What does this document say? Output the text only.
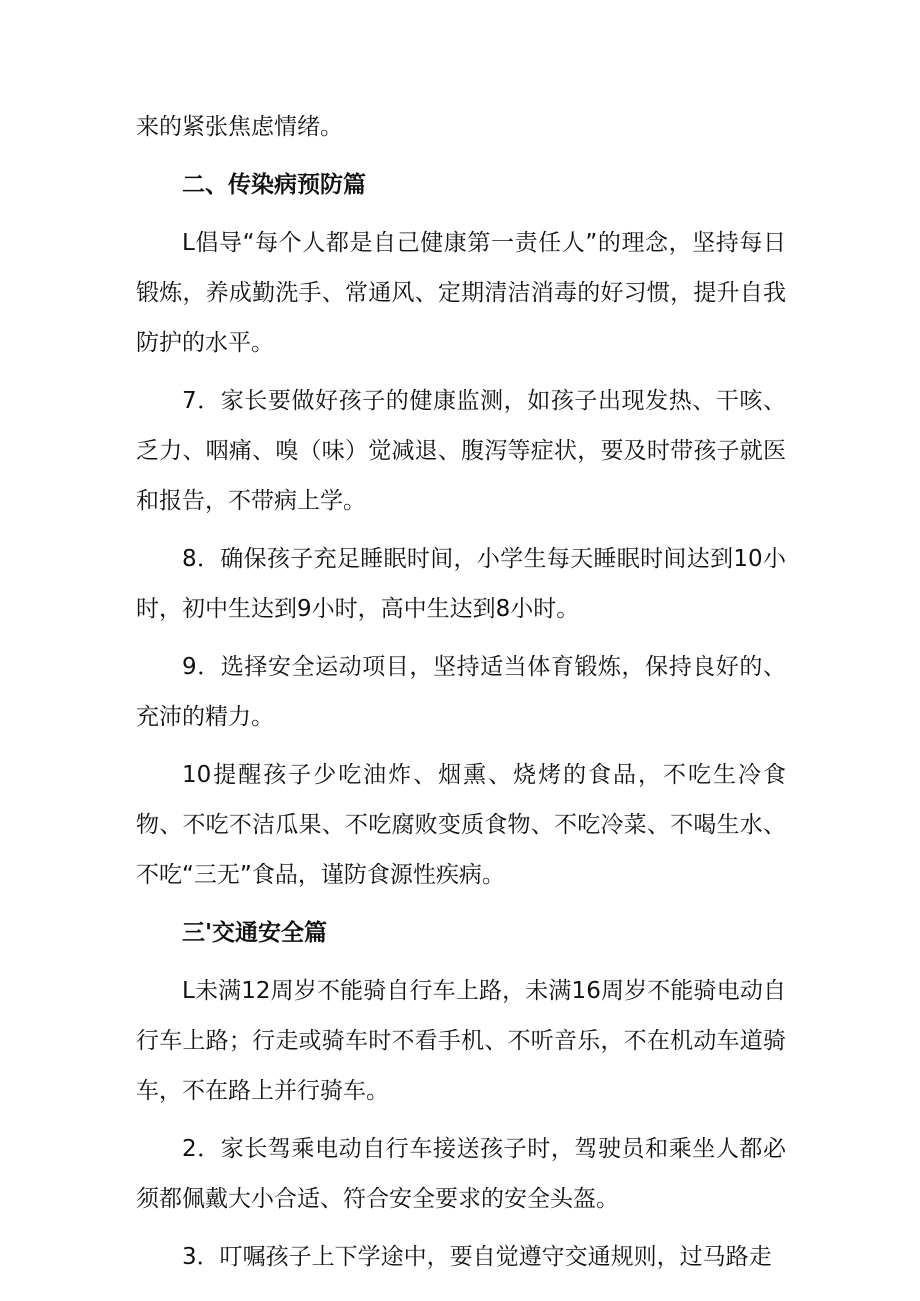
来的紧张焦虑情绪。

二、传染病预防篇

L倡导“每个人都是自己健康第一责任人”的理念，坚持每日锻炼，养成勤洗手、常通风、定期清洁消毒的好习惯，提升自我防护的水平。

7．家长要做好孩子的健康监测，如孩子出现发热、干咳、乏力、咽痛、嗅（味）觉减退、腹泻等症状，要及时带孩子就医和报告，不带病上学。

8．确保孩子充足睡眠时间，小学生每天睡眠时间达到10小时，初中生达到9小时，高中生达到8小时。

9．选择安全运动项目，坚持适当体育锻炼，保持良好的、充沛的精力。

10提醒孩子少吃油炸、烟熏、烧烤的食品，不吃生冷食物、不吃不洁瓜果、不吃腐败变质食物、不吃冷菜、不喝生水、不吃“三无”食品，谨防食源性疾病。

三'交通安全篇

L未满12周岁不能骑自行车上路，未满16周岁不能骑电动自行车上路；行走或骑车时不看手机、不听音乐，不在机动车道骑车，不在路上并行骑车。

2．家长驾乘电动自行车接送孩子时，驾驶员和乘坐人都必须都佩戴大小合适、符合安全要求的安全头盔。

3．叮嘱孩子上下学途中，要自觉遵守交通规则，过马路走
